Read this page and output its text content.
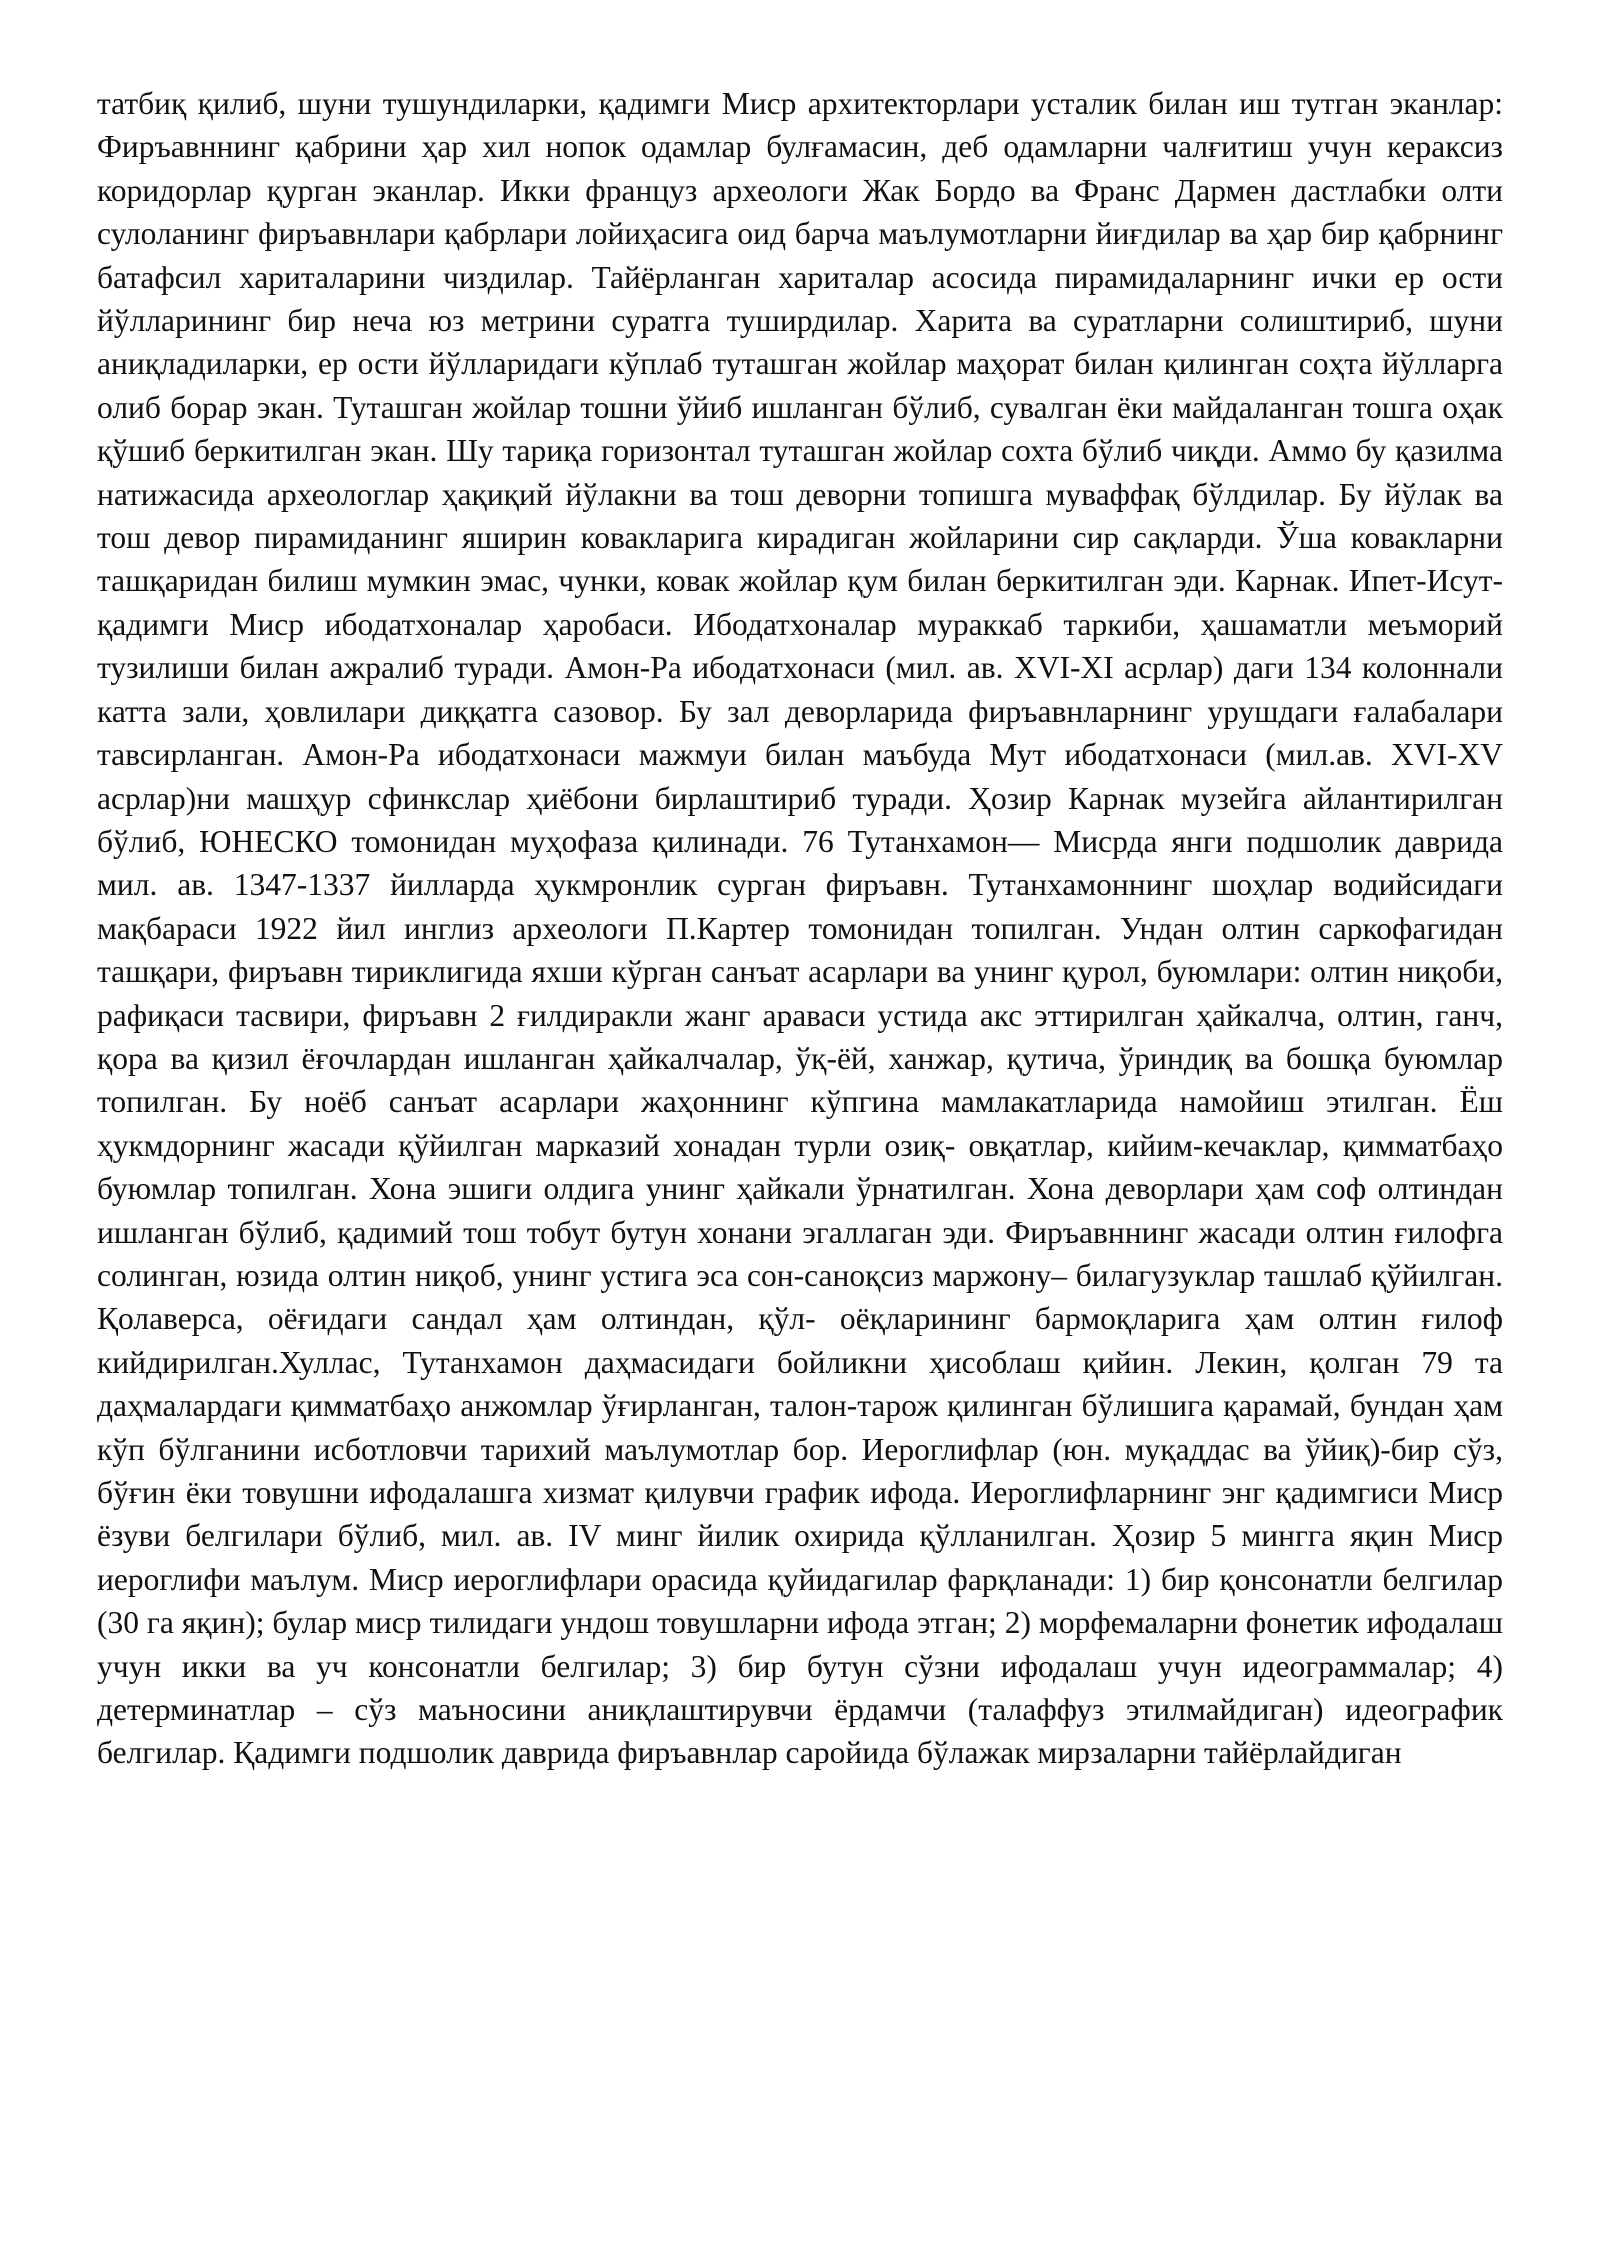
татбиқ қилиб, шуни тушундиларки, қадимги Миср архитекторлари усталик билан иш тутган эканлар: Фиръавннинг қабрини ҳар хил нопок одамлар булғамасин, деб одамларни чалғитиш учун кераксиз коридорлар қурган эканлар. Икки француз археологи Жак Бордо ва Франс Дармен дастлабки олти сулоланинг фиръавнлари қабрлари лойиҳасига оид барча маълумотларни йиғдилар ва ҳар бир қабрнинг батафсил хариталарини чиздилар. Тайёрланган хариталар асосида пирамидаларнинг ички ер ости йўлларининг бир неча юз метрини суратга туширдилар. Харита ва суратларни солиштириб, шуни аниқладиларки, ер ости йўлларидаги кўплаб туташган жойлар маҳорат билан қилинган соҳта йўлларга олиб борар экан. Туташган жойлар тошни ўйиб ишланган бўлиб, сувалган ёки майдаланган тошга оҳак қўшиб беркитилган экан. Шу тариқа горизонтал туташган жойлар сохта бўлиб чиқди. Аммо бу қазилма натижасида археологлар ҳақиқий йўлакни ва тош деворни топишга муваффақ бўлдилар. Бу йўлак ва тош девор пирамиданинг яширин ковакларига кирадиган жойларини сир сақларди. Ўша ковакларни ташқаридан билиш мумкин эмас, чунки, ковак жойлар қум билан беркитилган эди. Карнак. Ипет-Исут-қадимги Миср ибодатхоналар ҳаробаси. Ибодатхоналар мураккаб таркиби, ҳашаматли меъморий тузилиши билан ажралиб туради. Амон-Ра ибодатхонаси (мил. ав. XVI-XI асрлар) даги 134 колоннали катта зали, ҳовлилари диққатга сазовор. Бу зал деворларида фиръавнларнинг урушдаги ғалабалари тавсирланган. Амон-Ра ибодатхонаси мажмуи билан маъбуда Мут ибодатхонаси (мил.ав. XVI-XV асрлар)ни машҳур сфинкслар ҳиёбони бирлаштириб туради. Ҳозир Карнак музейга айлантирилган бўлиб, ЮНЕСКО томонидан муҳофаза қилинади. 76 Тутанхамон— Мисрда янги подшолик даврида мил. ав. 1347-1337 йилларда ҳукмронлик сурган фиръавн. Тутанхамоннинг шоҳлар водийсидаги мақбараси 1922 йил инглиз археологи П.Картер томонидан топилган. Ундан олтин саркофагидан ташқари, фиръавн тириклигида яхши кўрган санъат асарлари ва унинг қурол, буюмлари: олтин ниқоби, рафиқаси тасвири, фиръавн 2 ғилдиракли жанг араваси устида акс эттирилган ҳайкалча, олтин, ганч, қора ва қизил ёғочлардан ишланган ҳайкалчалар, ўқ-ёй, ханжар, қутича, ўриндиқ ва бошқа буюмлар топилган. Бу ноёб санъат асарлари жаҳоннинг кўпгина мамлакатларида намойиш этилган. Ёш ҳукмдорнинг жасади қўйилган марказий хонадан турли озиқ- овқатлар, кийим-кечаклар, қимматбаҳо буюмлар топилган. Хона эшиги олдига унинг ҳайкали ўрнатилган. Хона деворлари ҳам соф олтиндан ишланган бўлиб, қадимий тош тобут бутун хонани эгаллаган эди. Фиръавннинг жасади олтин ғилофга солинган, юзида олтин ниқоб, унинг устига эса сон-саноқсиз маржону– билагузуклар ташлаб қўйилган. Қолаверса, оёғидаги сандал ҳам олтиндан, қўл- оёқларининг бармоқларига ҳам олтин ғилоф кийдирилган.Хуллас, Тутанхамон даҳмасидаги бойликни ҳисоблаш қийин. Лекин, қолган 79 та даҳмалардаги қимматбаҳо анжомлар ўғирланган, талон-тарож қилинган бўлишига қарамай, бундан ҳам кўп бўлганини исботловчи тарихий маълумотлар бор. Иероглифлар (юн. муқаддас ва ўйиқ)-бир сўз, бўғин ёки товушни ифодалашга хизмат қилувчи график ифода. Иероглифларнинг энг қадимгиси Миср ёзуви белгилари бўлиб, мил. ав. IV минг йилик охирида қўлланилган. Ҳозир 5 мингга яқин Миср иероглифи маълум. Миср иероглифлари орасида қуйидагилар фарқланади: 1) бир қонсонатли белгилар (30 га яқин); булар миср тилидаги ундош товушларни ифода этган; 2) морфемаларни фонетик ифодалаш учун икки ва уч консонатли белгилар; 3) бир бутун сўзни ифодалаш учун идеограммалар; 4) детерминатлар – сўз маъносини аниқлаштирувчи ёрдамчи (талаффуз этилмайдиган) идеографик белгилар. Қадимги подшолик даврида фиръавнлар саройида бўлажак мирзаларни тайёрлайдиган
